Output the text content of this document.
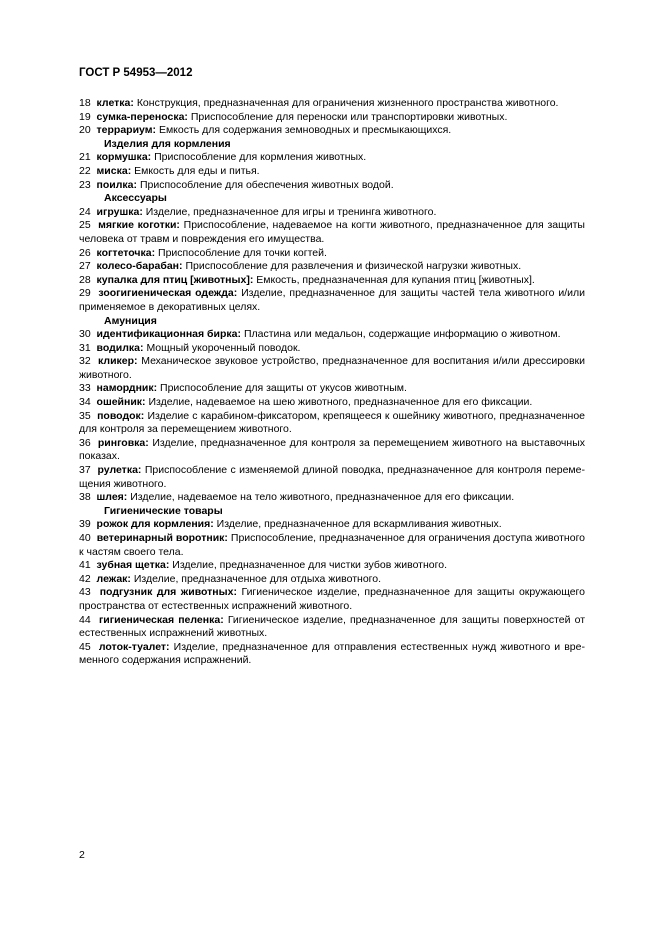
ГОСТ Р 54953—2012

18 клетка: Конструкция, предназначенная для ограничения жизненного пространства животного.

19 сумка-переноска: Приспособление для переноски или транспортировки животных.

20 террариум: Емкость для содержания земноводных и пресмыкающихся.

Изделия для кормления

21 кормушка: Приспособление для кормления животных.

22 миска: Емкость для еды и питья.

23 поилка: Приспособление для обеспечения животных водой.

Аксессуары

24 игрушка: Изделие, предназначенное для игры и тренинга животного.

25 мягкие коготки: Приспособление, надеваемое на когти животного, предназначенное для защиты человека от травм и повреждения его имущества.

26 когтеточка: Приспособление для точки когтей.

27 колесо-барабан: Приспособление для развлечения и физической нагрузки животных.

28 купалка для птиц [животных]: Емкость, предназначенная для купания птиц [животных].

29 зоогигиеническая одежда: Изделие, предназначенное для защиты частей тела животного и/или применяемое в декоративных целях.

Амуниция

30 идентификационная бирка: Пластина или медальон, содержащие информацию о животном.

31 водилка: Мощный укороченный поводок.

32 кликер: Механическое звуковое устройство, предназначенное для воспитания и/или дрессировки животного.

33 намордник: Приспособление для защиты от укусов животным.

34 ошейник: Изделие, надеваемое на шею животного, предназначенное для его фиксации.

35 поводок: Изделие с карабином-фиксатором, крепящееся к ошейнику животного, предназначенное для контроля за перемещением животного.

36 ринговка: Изделие, предназначенное для контроля за перемещением животного на выставочных показах.

37 рулетка: Приспособление с изменяемой длиной поводка, предназначенное для контроля перемещения животного.

38 шлея: Изделие, надеваемое на тело животного, предназначенное для его фиксации.

Гигиенические товары

39 рожок для кормления: Изделие, предназначенное для вскармливания животных.

40 ветеринарный воротник: Приспособление, предназначенное для ограничения доступа животного к частям своего тела.

41 зубная щетка: Изделие, предназначенное для чистки зубов животного.

42 лежак: Изделие, предназначенное для отдыха животного.

43 подгузник для животных: Гигиеническое изделие, предназначенное для защиты окружающего пространства от естественных испражнений животного.

44 гигиеническая пеленка: Гигиеническое изделие, предназначенное для защиты поверхностей от естественных испражнений животных.

45 лоток-туалет: Изделие, предназначенное для отправления естественных нужд животного и временного содержания испражнений.

2
